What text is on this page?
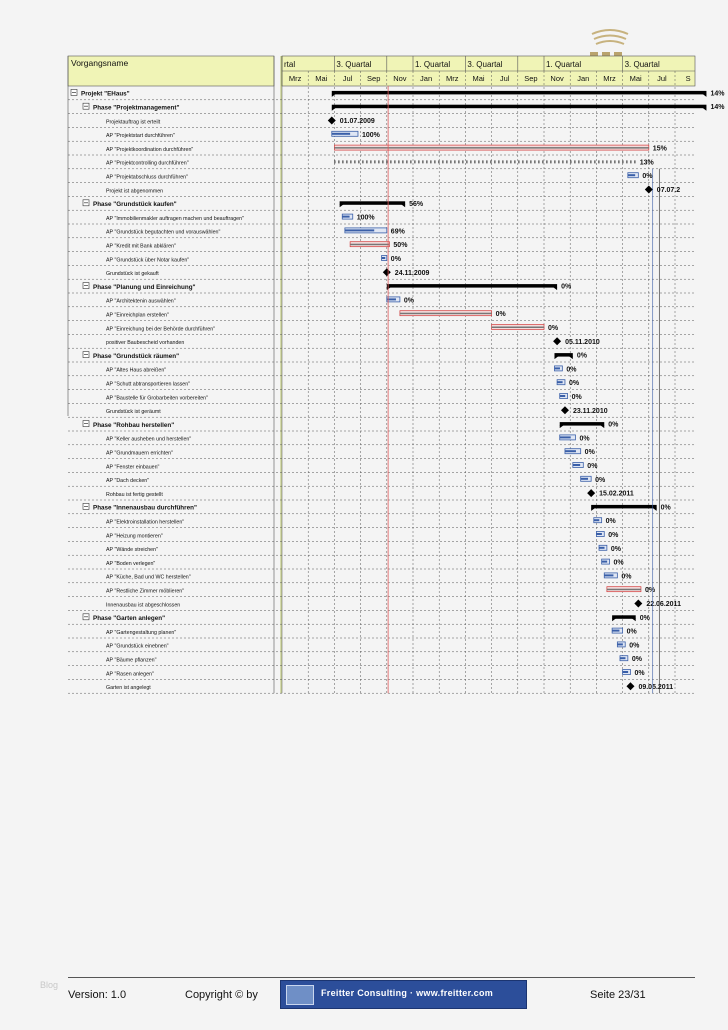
Vorgangsname	rtal	3. Quartal	1. Quartal 3. Quartal	1. Quartal	3. Quartal
Mrz Mai Jul Sep Nov Jan Mrz Mai Jul Sep Nov Jan Mrz Mai Jul	S
Projekt "EHaus"	14%
Phase "Projektmanagement"	14%
Projektauftrag ist erteilt	01.07.2009
AP "Projektstart durchführen"	100%
AP "Projektkoordination durchführen"	15%
AP "Projektcontrolling durchführen"	13%
AP "Projektabschluss durchführen"	0%
Projekt ist abgenommen	07.07.2
Phase "Grundstück kaufen"	56%
AP "Immobilienmakler auftragen machen und beauftragen"	100%
AP "Grundstück begutachten und vorauswählen"	69%
AP "Kredit mit Bank abklären"	50%
AP "Grundstück über Notar kaufen"	0%
Grundstück ist gekauft	24.11.2009
Phase "Planung und Einreichung"	0%
AP "Architektenin auswählen"	0%
AP "Einreichplan erstellen"	0%
AP "Einreichung bei der Behörde durchführen"	0%
positiver Baubescheid vorhanden	05.11.2010
Phase "Grundstück räumen"	0%
AP "Altes Haus abreißen"	0%
AP "Schutt abtransportieren lassen"	0%
AP "Baustelle für Grobarbeiten vorbereiten"	0%
Grundstück ist geräumt	23.11.2010
Phase "Rohbau herstellen"	0%
AP "Keller ausheben und herstellen"	0%
AP "Grundmauern errichten"	0%
AP "Fenster einbauen"	0%
AP "Dach decken"	0%
Rohbau ist fertig gestellt	15.02.2011
Phase "Innenausbau durchführen"	0%
AP "Elektroinstallation herstellen"	0%
AP "Heizung montieren"	0%
AP "Wände streichen"	0%
AP "Boden verlegen"	0%
AP "Küche, Bad und WC herstellen"	0%
AP "Restliche Zimmer möblieren"	0%
Innenausbau ist abgeschlossen	22.06.2011
Phase "Garten anlegen"	0%
AP "Gartengestaltung planen"	0%
AP "Grundstück einebnen"	0%
AP "Bäume pflanzen"	0%
AP "Rasen anlegen"	0%
Garten ist angelegt	09.05.2011
Blog
Version: 1.0	Copyright © by	Freitter Consulting · www.freitter.com	Seite 23/31
